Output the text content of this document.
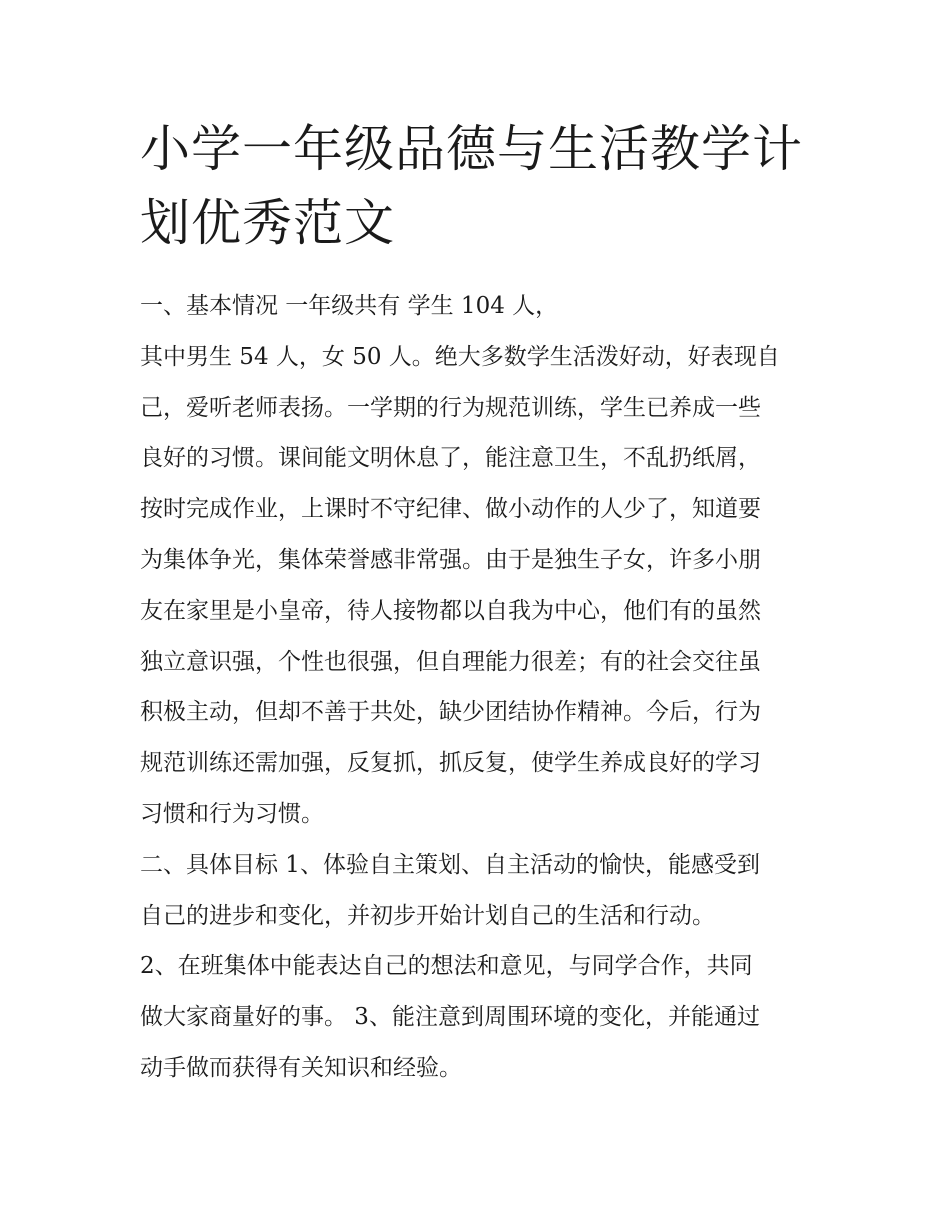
小学一年级品德与生活教学计
划优秀范文
一、基本情况 一年级共有 学生 104 人，
其中男生 54 人，女 50 人。绝大多数学生活泼好动，好表现自
己，爱听老师表扬。一学期的行为规范训练，学生已养成一些
良好的习惯。课间能文明休息了，能注意卫生，不乱扔纸屑，
按时完成作业，上课时不守纪律、做小动作的人少了，知道要
为集体争光，集体荣誉感非常强。由于是独生子女，许多小朋
友在家里是小皇帝，待人接物都以自我为中心，他们有的虽然
独立意识强，个性也很强，但自理能力很差；有的社会交往虽
积极主动，但却不善于共处，缺少团结协作精神。今后，行为
规范训练还需加强，反复抓，抓反复，使学生养成良好的学习
习惯和行为习惯。
二、具体目标 1、体验自主策划、自主活动的愉快，能感受到
自己的进步和变化，并初步开始计划自己的生活和行动。
2、在班集体中能表达自己的想法和意见，与同学合作，共同
做大家商量好的事。 3、能注意到周围环境的变化，并能通过
动手做而获得有关知识和经验。
